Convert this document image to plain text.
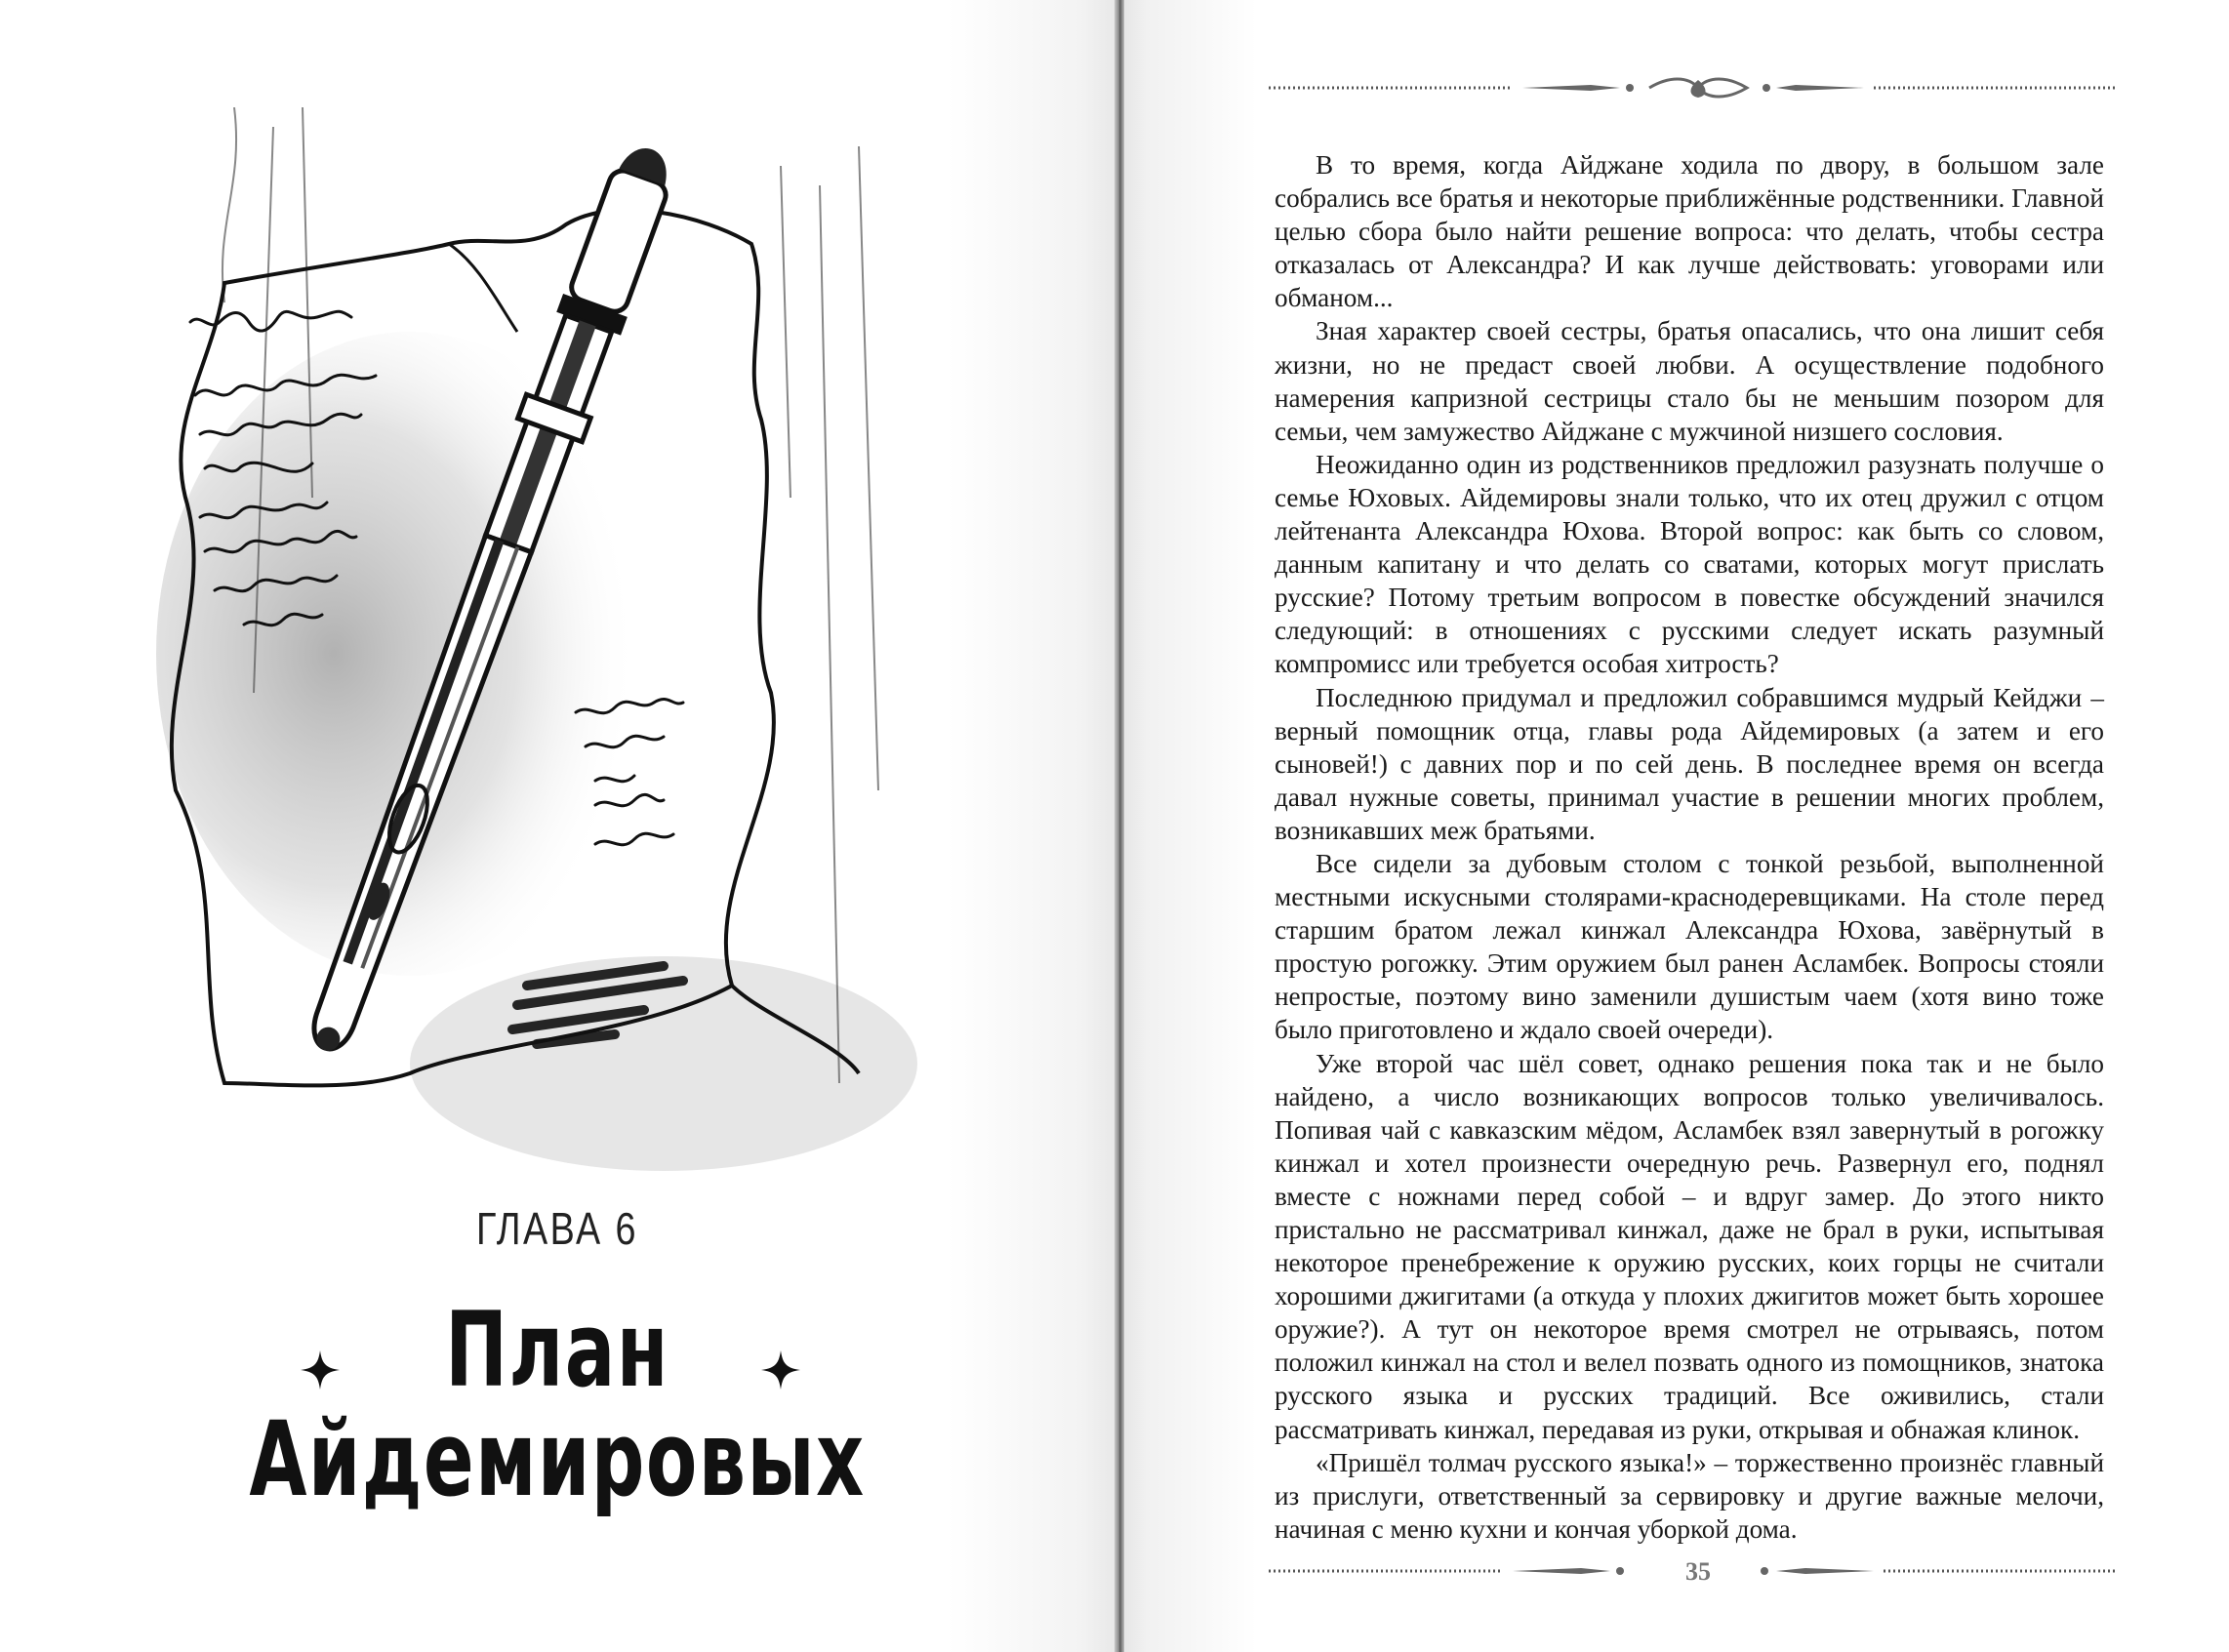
ГЛАВА 6
План
Айдемировых

В то время, когда Айджане ходила по двору, в большом зале собрались все братья и некоторые приближённые родственники. Главной целью сбора было найти решение вопроса: что делать, чтобы сестра отказалась от Александра? И как лучше действовать: уговорами или обманом...

Зная характер своей сестры, братья опасались, что она лишит себя жизни, но не предаст своей любви. А осуществление подобного намерения капризной сестрицы стало бы не меньшим позором для семьи, чем замужество Айджане с мужчиной низшего сословия.

Неожиданно один из родственников предложил разузнать получше о семье Юховых. Айдемировы знали только, что их отец дружил с отцом лейтенанта Александра Юхова. Второй вопрос: как быть со словом, данным капитану и что делать со сватами, которых могут прислать русские? Потому третьим вопросом в повестке обсуждений значился следующий: в отношениях с русскими следует искать разумный компромисс или требуется особая хитрость?

Последнюю придумал и предложил собравшимся мудрый Кейджи – верный помощник отца, главы рода Айдемировых (а затем и его сыновей!) с давних пор и по сей день. В последнее время он всегда давал нужные советы, принимал участие в решении многих проблем, возникавших меж братьями.

Все сидели за дубовым столом с тонкой резьбой, выполненной местными искусными столярами-краснодеревщиками. На столе перед старшим братом лежал кинжал Александра Юхова, завёрнутый в простую рогожку. Этим оружием был ранен Асламбек. Вопросы стояли непростые, поэтому вино заменили душистым чаем (хотя вино тоже было приготовлено и ждало своей очереди).

Уже второй час шёл совет, однако решения пока так и не было найдено, а число возникающих вопросов только увеличивалось. Попивая чай с кавказским мёдом, Асламбек взял завернутый в рогожку кинжал и хотел произнести очередную речь. Развернул его, поднял вместе с ножнами перед собой – и вдруг замер. До этого никто пристально не рассматривал кинжал, даже не брал в руки, испытывая некоторое пренебрежение к оружию русских, коих горцы не считали хорошими джигитами (а откуда у плохих джигитов может быть хорошее оружие?). А тут он некоторое время смотрел не отрываясь, потом положил кинжал на стол и велел позвать одного из помощников, знатока русского языка и русских традиций. Все оживились, стали рассматривать кинжал, передавая из руки, открывая и обнажая клинок.

«Пришёл толмач русского языка!» – торжественно произнёс главный из прислуги, ответственный за сервировку и другие важные мелочи, начиная с меню кухни и кончая уборкой дома.

35
